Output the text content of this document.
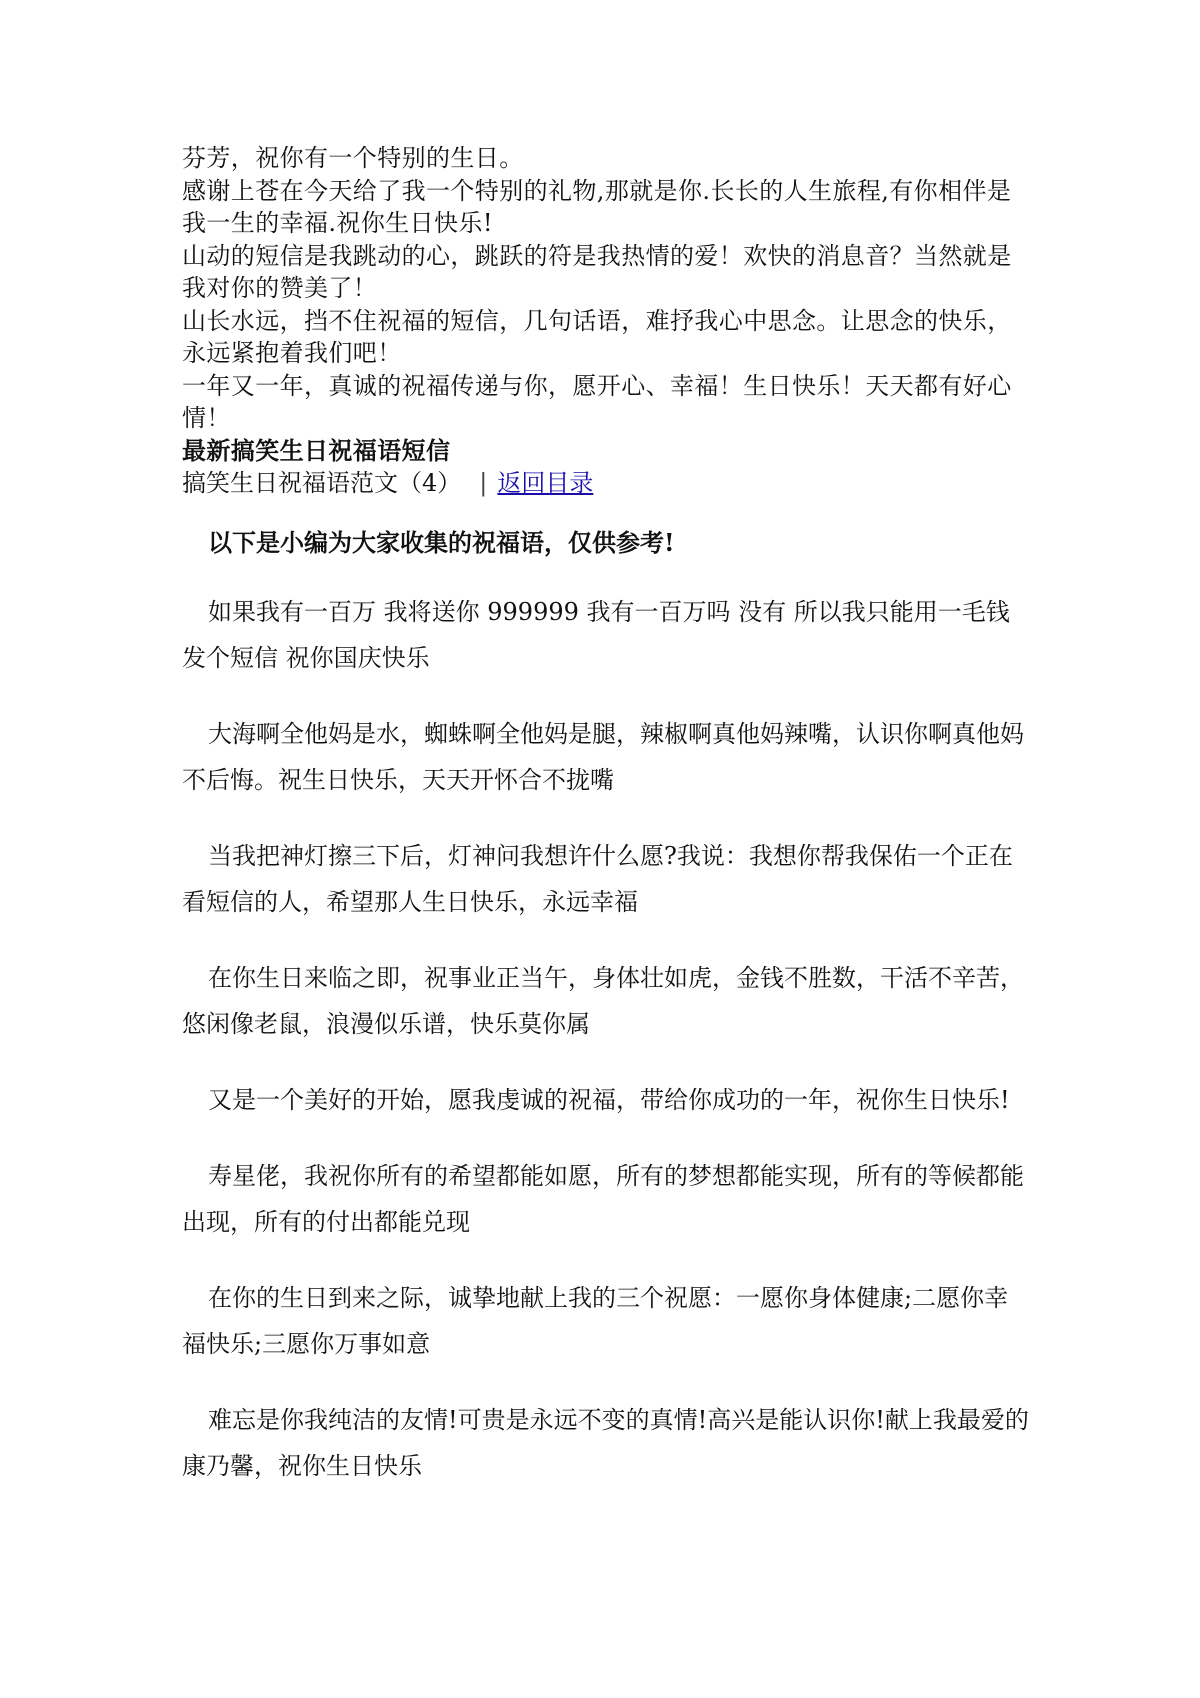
芬芳，祝你有一个特别的生日。

感谢上苍在今天给了我一个特别的礼物,那就是你.长长的人生旅程,有你相伴是我一生的幸福.祝你生日快乐!

山动的短信是我跳动的心，跳跃的符是我热情的爱！欢快的消息音？当然就是我对你的赞美了！

山长水远，挡不住祝福的短信，几句话语，难抒我心中思念。让思念的快乐，永远紧抱着我们吧！

一年又一年，真诚的祝福传递与你，愿开心、幸福！生日快乐！天天都有好心情！

最新搞笑生日祝福语短信

搞笑生日祝福语范文（4） | 返回目录

以下是小编为大家收集的祝福语，仅供参考!

如果我有一百万 我将送你 999999 我有一百万吗 没有 所以我只能用一毛钱发个短信 祝你国庆快乐

大海啊全他妈是水，蜘蛛啊全他妈是腿，辣椒啊真他妈辣嘴，认识你啊真他妈不后悔。祝生日快乐，天天开怀合不拢嘴

当我把神灯擦三下后，灯神问我想许什么愿?我说：我想你帮我保佑一个正在看短信的人，希望那人生日快乐，永远幸福

在你生日来临之即，祝事业正当午，身体壮如虎，金钱不胜数，干活不辛苦，悠闲像老鼠，浪漫似乐谱，快乐莫你属

又是一个美好的开始，愿我虔诚的祝福，带给你成功的一年，祝你生日快乐!

寿星佬，我祝你所有的希望都能如愿，所有的梦想都能实现，所有的等候都能出现，所有的付出都能兑现

在你的生日到来之际，诚挚地献上我的三个祝愿：一愿你身体健康;二愿你幸福快乐;三愿你万事如意

难忘是你我纯洁的友情!可贵是永远不变的真情!高兴是能认识你!献上我最爱的康乃馨，祝你生日快乐
